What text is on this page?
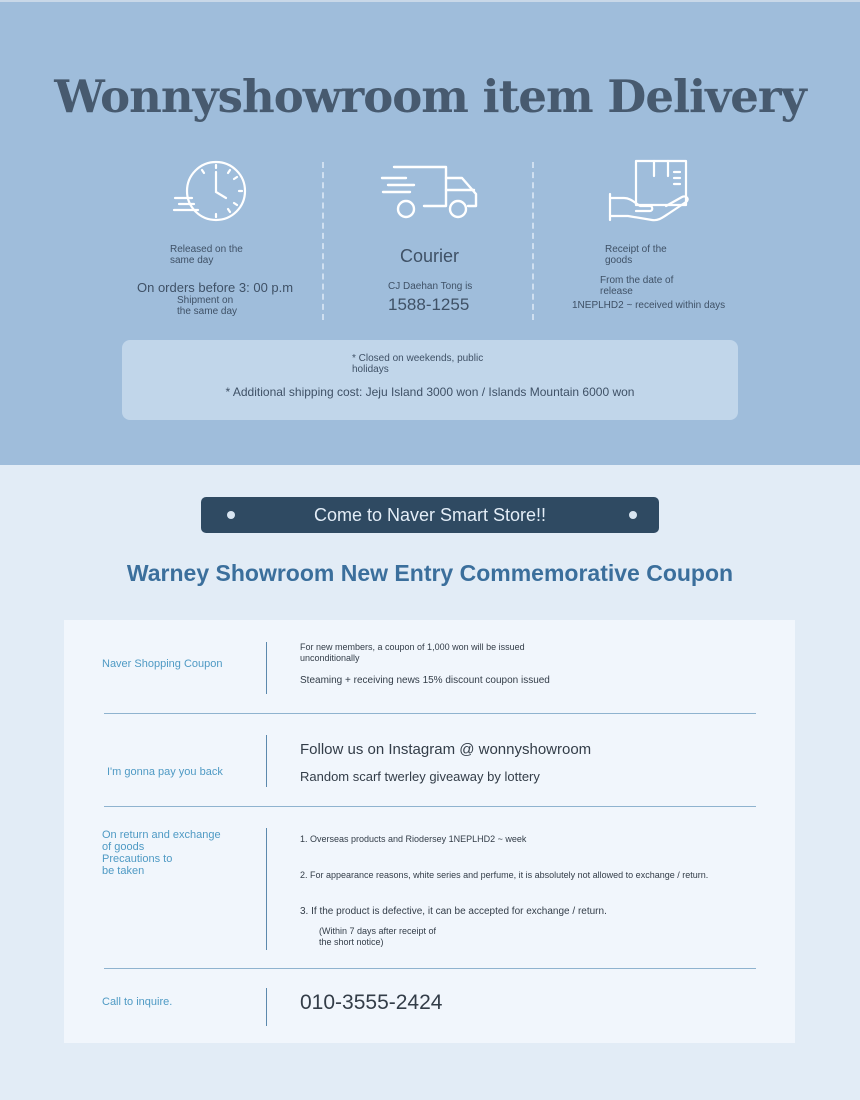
Wonnyshowroom item Delivery
Released on the
same day
On orders before 3: 00 p.m
Shipment on
the same day
Courier
CJ Daehan Tong is
1588-1255
Receipt of the
goods
From the date of
release
1NEPLHD2 ~ received within days
* Closed on weekends, public
holidays
* Additional shipping cost: Jeju Island 3000 won / Islands Mountain 6000 won
Come to Naver Smart Store!!
Warney Showroom New Entry Commemorative Coupon
Naver Shopping Coupon
For new members, a coupon of 1,000 won will be issued
unconditionally
Steaming + receiving news 15% discount coupon issued
I'm gonna pay you back
Follow us on Instagram @ wonnyshowroom
Random scarf twerley giveaway by lottery
On return and exchange
of goods
Precautions to
be taken
1. Overseas products and Riodersey 1NEPLHD2 ~ week
2. For appearance reasons, white series and perfume, it is absolutely not allowed to exchange / return.
3. If the product is defective, it can be accepted for exchange / return.
(Within 7 days after receipt of
the short notice)
Call to inquire.	010-3555-2424
